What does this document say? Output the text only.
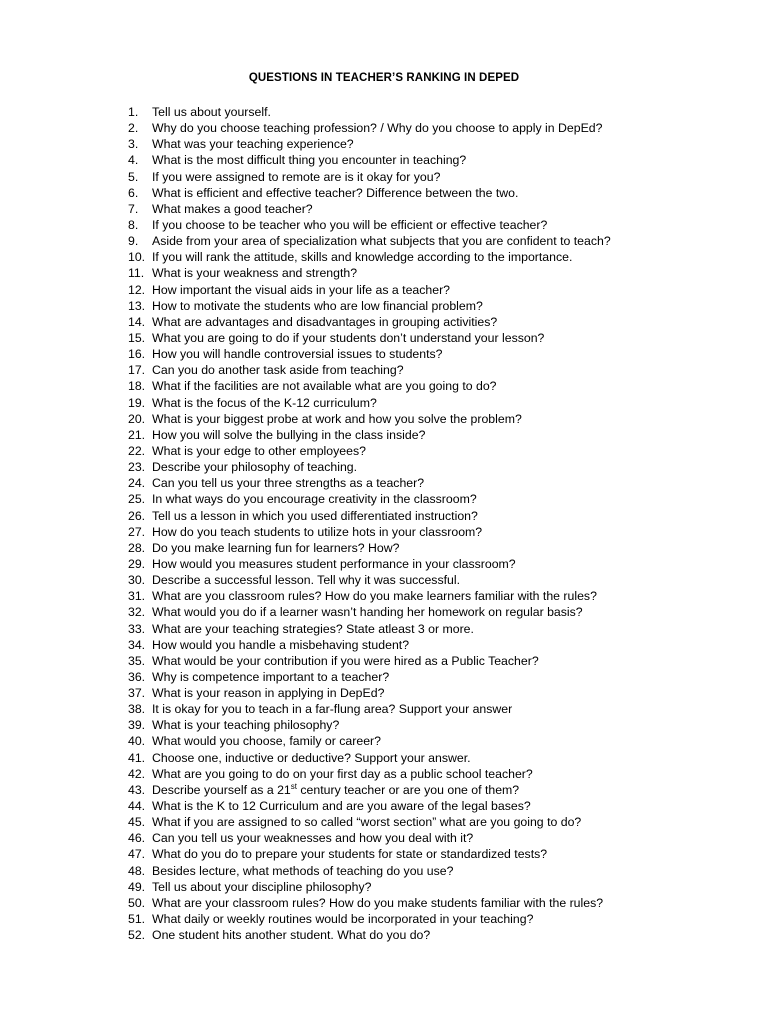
QUESTIONS IN TEACHER’S RANKING IN DEPED
1. Tell us about yourself.
2. Why do you choose teaching profession? / Why do you choose to apply in DepEd?
3. What was your teaching experience?
4. What is the most difficult thing you encounter in teaching?
5. If you were assigned to remote are is it okay for you?
6. What is efficient and effective teacher? Difference between the two.
7. What makes a good teacher?
8. If you choose to be teacher who you will be efficient or effective teacher?
9. Aside from your area of specialization what subjects that you are confident to teach?
10. If you will rank the attitude, skills and knowledge according to the importance.
11. What is your weakness and strength?
12. How important the visual aids in your life as a teacher?
13. How to motivate the students who are low financial problem?
14. What are advantages and disadvantages in grouping activities?
15. What you are going to do if your students don’t understand your lesson?
16. How you will handle controversial issues to students?
17. Can you do another task aside from teaching?
18. What if the facilities are not available what are you going to do?
19. What is the focus of the K-12 curriculum?
20. What is your biggest probe at work and how you solve the problem?
21. How you will solve the bullying in the class inside?
22. What is your edge to other employees?
23. Describe your philosophy of teaching.
24. Can you tell us your three strengths as a teacher?
25. In what ways do you encourage creativity in the classroom?
26. Tell us a lesson in which you used differentiated instruction?
27. How do you teach students to utilize hots in your classroom?
28. Do you make learning fun for learners? How?
29. How would you measures student performance in your classroom?
30. Describe a successful lesson. Tell why it was successful.
31. What are you classroom rules? How do you make learners familiar with the rules?
32. What would you do if a learner wasn’t handing her homework on regular basis?
33. What are your teaching strategies? State atleast 3 or more.
34. How would you handle a misbehaving student?
35. What would be your contribution if you were hired as a Public Teacher?
36. Why is competence important to a teacher?
37. What is your reason in applying in DepEd?
38. It is okay for you to teach in a far-flung area? Support your answer
39. What is your teaching philosophy?
40. What would you choose, family or career?
41. Choose one, inductive or deductive? Support your answer.
42. What are you going to do on your first day as a public school teacher?
43. Describe yourself as a 21st century teacher or are you one of them?
44. What is the K to 12 Curriculum and are you aware of the legal bases?
45. What if you are assigned to so called “worst section” what are you going to do?
46. Can you tell us your weaknesses and how you deal with it?
47. What do you do to prepare your students for state or standardized tests?
48. Besides lecture, what methods of teaching do you use?
49. Tell us about your discipline philosophy?
50. What are your classroom rules? How do you make students familiar with the rules?
51. What daily or weekly routines would be incorporated in your teaching?
52. One student hits another student. What do you do?
